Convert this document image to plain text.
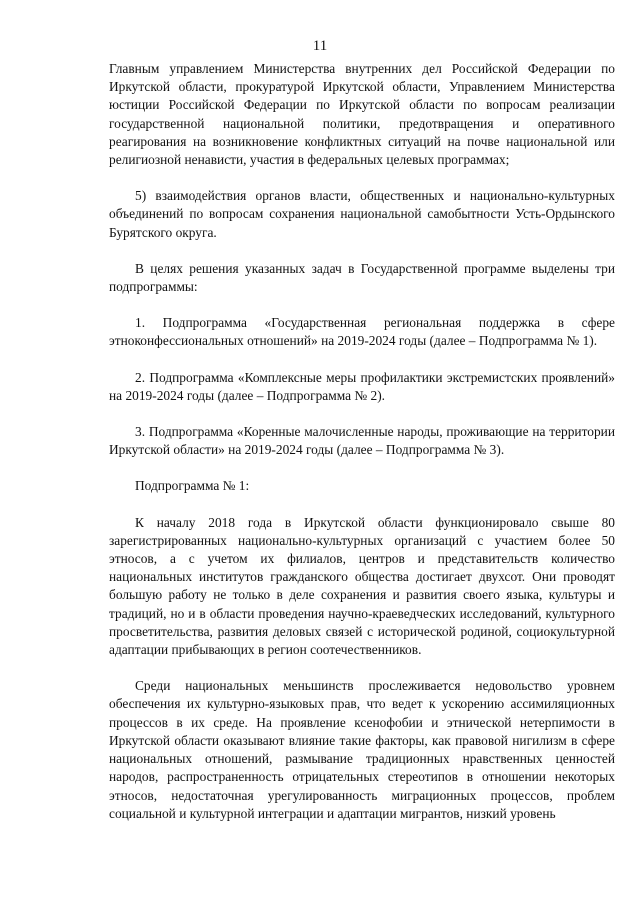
11

Главным управлением Министерства внутренних дел Российской Федерации по Иркутской области, прокуратурой Иркутской области, Управлением Министерства юстиции Российской Федерации по Иркутской области по вопросам реализации государственной национальной политики, предотвращения и оперативного реагирования на возникновение конфликтных ситуаций на почве национальной или религиозной ненависти, участия в федеральных целевых программах;

5) взаимодействия органов власти, общественных и национально-культурных объединений по вопросам сохранения национальной самобытности Усть-Ордынского Бурятского округа.

В целях решения указанных задач в Государственной программе выделены три подпрограммы:

1. Подпрограмма «Государственная региональная поддержка в сфере этноконфессиональных отношений» на 2019-2024 годы (далее – Подпрограмма № 1).

2. Подпрограмма «Комплексные меры профилактики экстремистских проявлений» на 2019-2024 годы (далее – Подпрограмма № 2).

3. Подпрограмма «Коренные малочисленные народы, проживающие на территории Иркутской области» на 2019-2024 годы (далее – Подпрограмма № 3).

Подпрограмма № 1:

К началу 2018 года в Иркутской области функционировало свыше 80 зарегистрированных национально-культурных организаций с участием более 50 этносов, а с учетом их филиалов, центров и представительств количество национальных институтов гражданского общества достигает двухсот. Они проводят большую работу не только в деле сохранения и развития своего языка, культуры и традиций, но и в области проведения научно-краеведческих исследований, культурного просветительства, развития деловых связей с исторической родиной, социокультурной адаптации прибывающих в регион соотечественников.

Среди национальных меньшинств прослеживается недовольство уровнем обеспечения их культурно-языковых прав, что ведет к ускорению ассимиляционных процессов в их среде. На проявление ксенофобии и этнической нетерпимости в Иркутской области оказывают влияние такие факторы, как правовой нигилизм в сфере национальных отношений, размывание традиционных нравственных ценностей народов, распространенность отрицательных стереотипов в отношении некоторых этносов, недостаточная урегулированность миграционных процессов, проблем социальной и культурной интеграции и адаптации мигрантов, низкий уровень
